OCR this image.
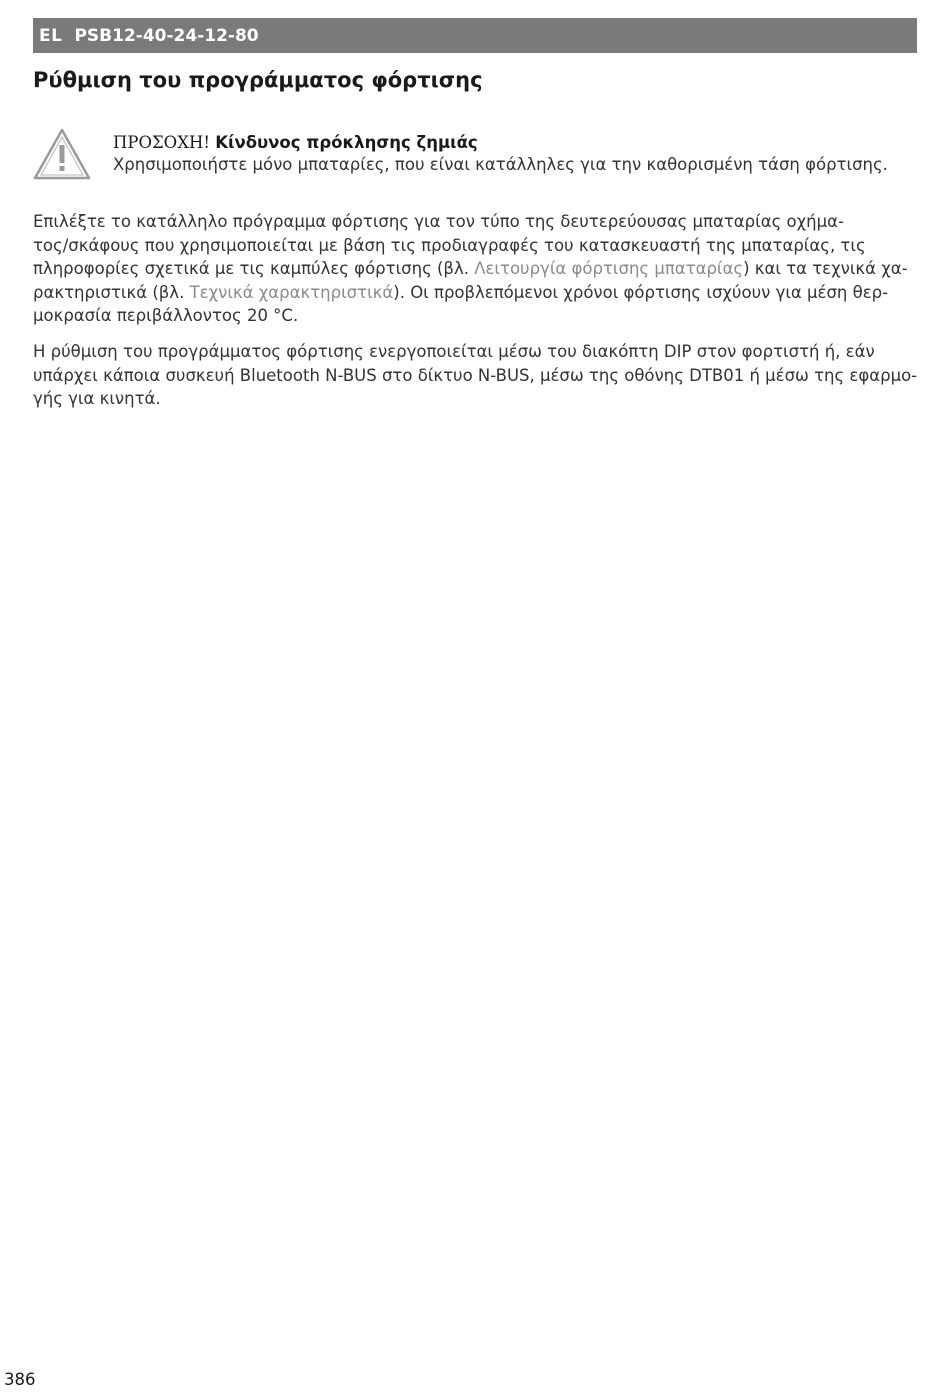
EL PSB12-40-24-12-80
Ρύθμιση του προγράμματος φόρτισης
ΠΡΟΣΟΧΗ! Κίνδυνος πρόκλησης ζημιάς
Χρησιμοποιήστε μόνο μπαταρίες, που είναι κατάλληλες για την καθορισμένη τάση φόρτισης.

Επιλέξτε το κατάλληλο πρόγραμμα φόρτισης για τον τύπο της δευτερεύουσας μπαταρίας οχήμα-
τος/σκάφους που χρησιμοποιείται με βάση τις προδιαγραφές του κατασκευαστή της μπαταρίας, τις
πληροφορίες σχετικά με τις καμπύλες φόρτισης (βλ. Λειτουργία φόρτισης μπαταρίας) και τα τεχνικά χα-
ρακτηριστικά (βλ. Τεχνικά χαρακτηριστικά). Οι προβλεπόμενοι χρόνοι φόρτισης ισχύουν για μέση θερ-
μοκρασία περιβάλλοντος 20 °C.

Η ρύθμιση του προγράμματος φόρτισης ενεργοποιείται μέσω του διακόπτη DIP στον φορτιστή ή, εάν
υπάρχει κάποια συσκευή Bluetooth N-BUS στο δίκτυο N-BUS, μέσω της οθόνης DTB01 ή μέσω της εφαρμο-
γής για κινητά.

386
